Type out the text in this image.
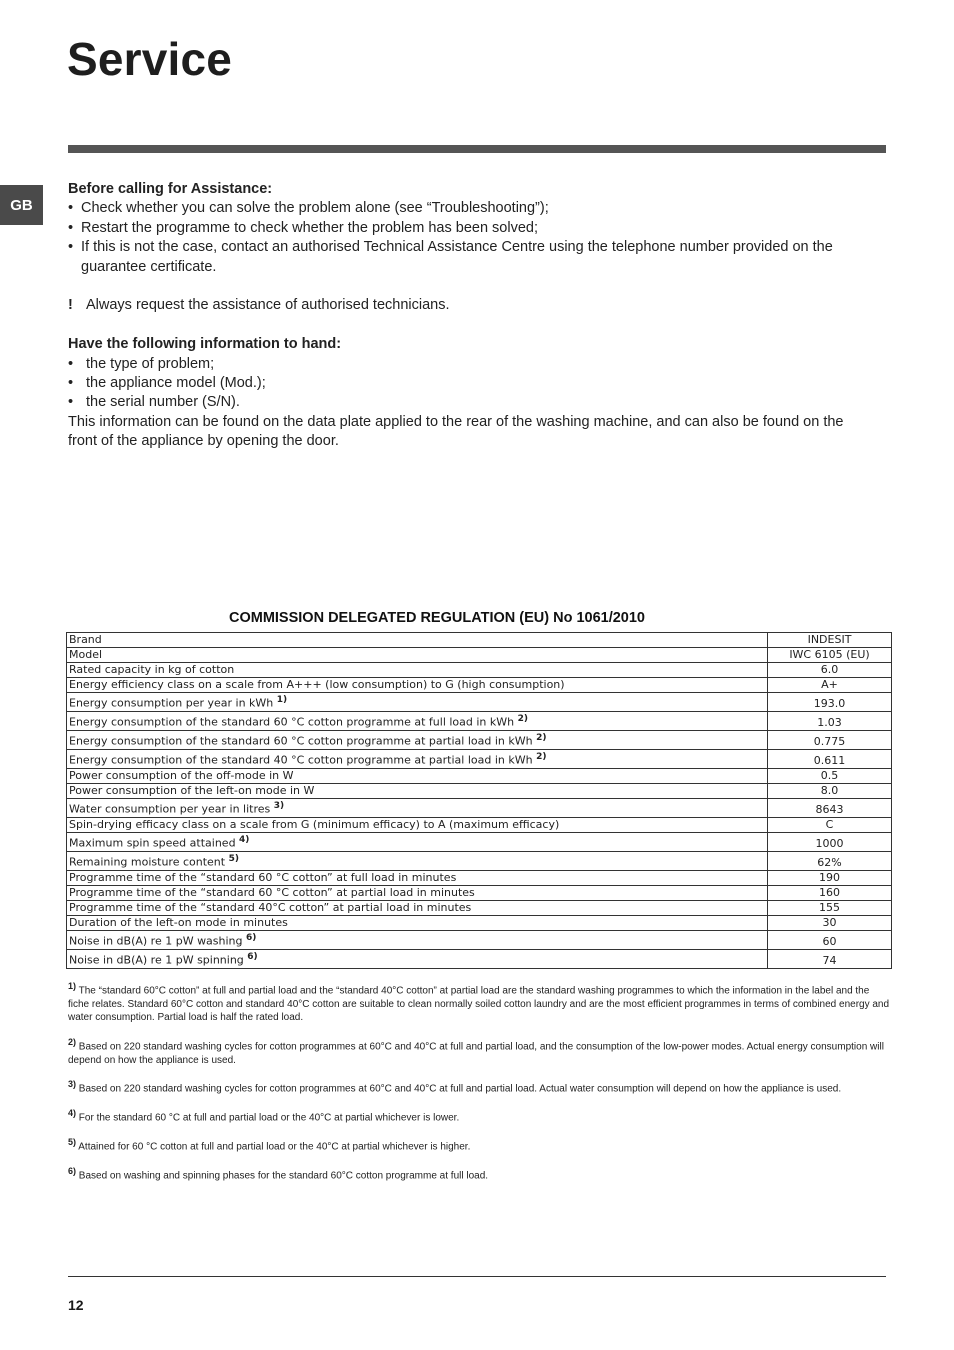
Service
GB

Before calling for Assistance:

• Check whether you can solve the problem alone (see “Troubleshooting”);
• Restart the programme to check whether the problem has been solved;
• If this is not the case, contact an authorised Technical Assistance Centre using the telephone number provided on the guarantee certificate.
! Always request the assistance of authorised technicians.

Have the following information to hand:

• the type of problem;
• the appliance model (Mod.);
• the serial number (S/N).

This information can be found on the data plate applied to the rear of the washing machine, and can also be found on the front of the appliance by opening the door.

COMMISSION DELEGATED REGULATION (EU) No 1061/2010
Brand	INDESIT
Model	IWC 6105 (EU)
Rated capacity in kg of cotton	6.0
Energy efficiency class on a scale from A+++ (low consumption) to G (high consumption)	A+
Energy consumption per year in kWh $^{1)}$	193.0
Energy consumption of the standard 60 °C cotton programme at full load in kWh $^{2)}$	1.03
Energy consumption of the standard 60 °C cotton programme at partial load in kWh $^{2)}$	0.775
Energy consumption of the standard 40 °C cotton programme at partial load in kWh $^{2)}$	0.611
Power consumption of the off-mode in W	0.5
Power consumption of the left-on mode in W	8.0
Water consumption per year in litres $^{3)}$	8643
Spin-drying efficacy class on a scale from G (minimum efficacy) to A (maximum efficacy)	C
Maximum spin speed attained $^{4)}$	1000
Remaining moisture content $^{5)}$	62%
Programme time of the “standard 60 °C cotton” at full load in minutes	190
Programme time of the “standard 60 °C cotton” at partial load in minutes	160
Programme time of the “standard 40°C cotton” at partial load in minutes	155
Duration of the left-on mode in minutes	30
Noise in dB(A) re 1 pW washing $^{6)}$	60
Noise in dB(A) re 1 pW spinning $^{6)}$	74
$^{1)}$ The “standard 60°C cotton” at full and partial load and the “standard 40°C cotton” at partial load are the standard washing programmes to which the information in the label and the fiche relates. Standard 60°C cotton and standard 40°C cotton are suitable to clean normally soiled cotton laundry and are the most efficient programmes in terms of combined energy and water consumption. Partial load is half the rated load.
$^{2)}$ Based on 220 standard washing cycles for cotton programmes at 60°C and 40°C at full and partial load, and the consumption of the low-power modes. Actual energy consumption will depend on how the appliance is used.
$^{3)}$ Based on 220 standard washing cycles for cotton programmes at 60°C and 40°C at full and partial load. Actual water consumption will depend on how the appliance is used.
$^{4)}$ For the standard 60 °C at full and partial load or the 40°C at partial whichever is lower.
$^{5)}$ Attained for 60 °C cotton at full and partial load or the 40°C at partial whichever is higher.
$^{6)}$ Based on washing and spinning phases for the standard 60°C cotton programme at full load.
12
